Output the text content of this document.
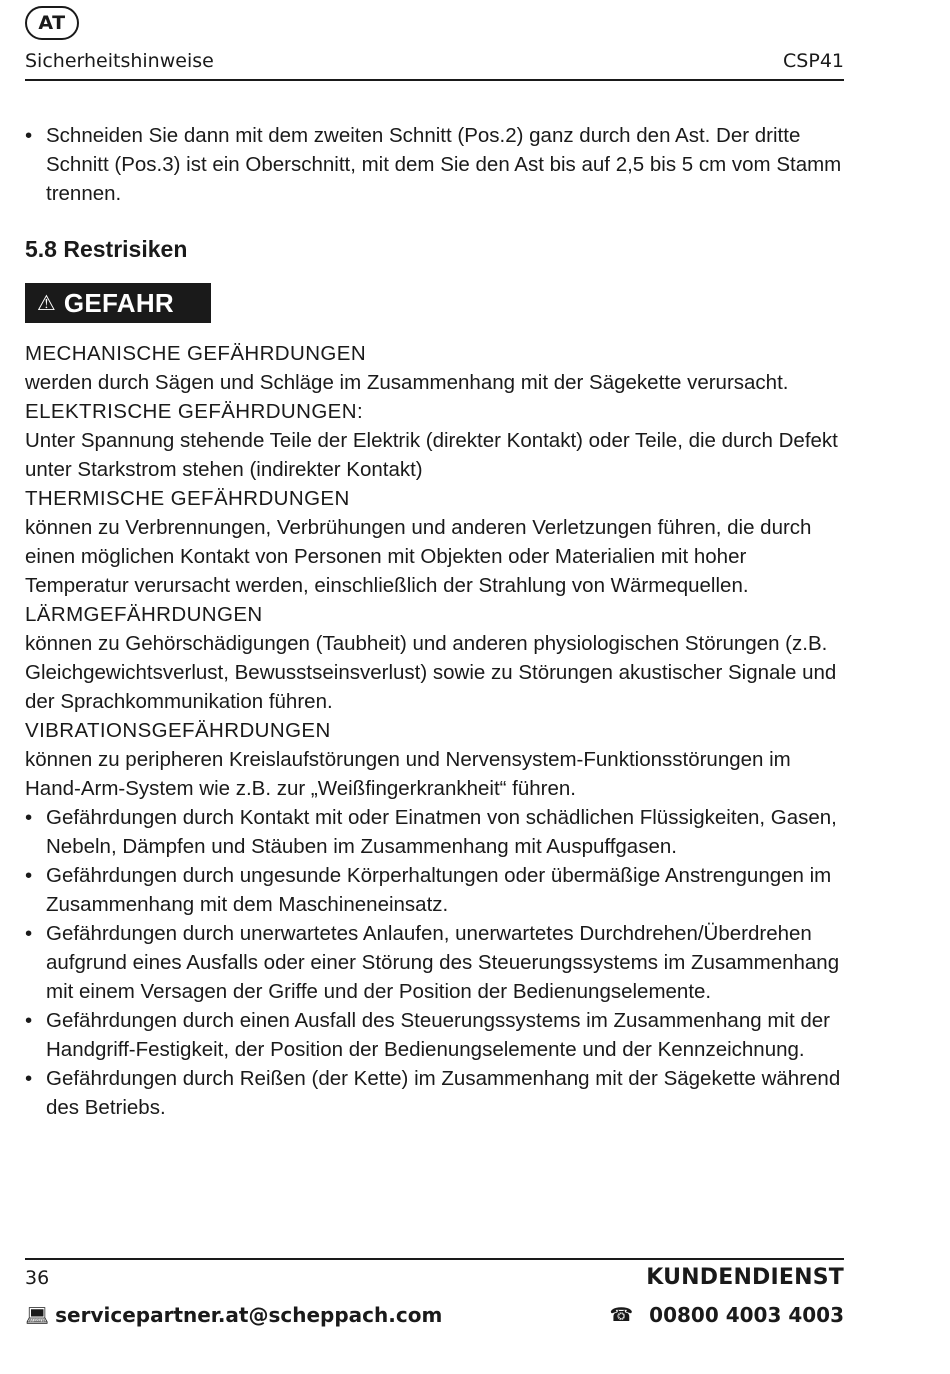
AT
Sicherheitshinweise	CSP41
• Schneiden Sie dann mit dem zweiten Schnitt (Pos.2) ganz durch den Ast. Der dritte Schnitt (Pos.3) ist ein Oberschnitt, mit dem Sie den Ast bis auf 2,5 bis 5 cm vom Stamm trennen.
5.8 Restrisiken
⚠ GEFAHR
MECHANISCHE GEFÄHRDUNGEN
werden durch Sägen und Schläge im Zusammenhang mit der Sägekette verursacht.
ELEKTRISCHE GEFÄHRDUNGEN:
Unter Spannung stehende Teile der Elektrik (direkter Kontakt) oder Teile, die durch Defekt unter Starkstrom stehen (indirekter Kontakt)
THERMISCHE GEFÄHRDUNGEN
können zu Verbrennungen, Verbrühungen und anderen Verletzungen führen, die durch einen möglichen Kontakt von Personen mit Objekten oder Materialien mit hoher Temperatur verursacht werden, einschließlich der Strahlung von Wärmequellen.
LÄRMGEFÄHRDUNGEN
können zu Gehörschädigungen (Taubheit) und anderen physiologischen Störungen (z.B. Gleichgewichtsverlust, Bewusstseinsverlust) sowie zu Störungen akustischer Signale und der Sprachkommunikation führen.
VIBRATIONSGEFÄHRDUNGEN
können zu peripheren Kreislaufstörungen und Nervensystem-Funktionsstörungen im Hand-Arm-System wie z.B. zur „Weißfingerkrankheit“ führen.
• Gefährdungen durch Kontakt mit oder Einatmen von schädlichen Flüssigkeiten, Gasen, Nebeln, Dämpfen und Stäuben im Zusammenhang mit Auspuffgasen.
• Gefährdungen durch ungesunde Körperhaltungen oder übermäßige Anstrengungen im Zusammenhang mit dem Maschineneinsatz.
• Gefährdungen durch unerwartetes Anlaufen, unerwartetes Durchdrehen/Überdrehen aufgrund eines Ausfalls oder einer Störung des Steuerungssystems im Zusammenhang mit einem Versagen der Griffe und der Position der Bedienungselemente.
• Gefährdungen durch einen Ausfall des Steuerungssystems im Zusammenhang mit der Handgriff-Festigkeit, der Position der Bedienungselemente und der Kennzeichnung.
• Gefährdungen durch Reißen (der Kette) im Zusammenhang mit der Sägekette während des Betriebs.
36	KUNDENDIENST
💻︎ servicepartner.at@scheppach.com	☎ 00800 4003 4003
